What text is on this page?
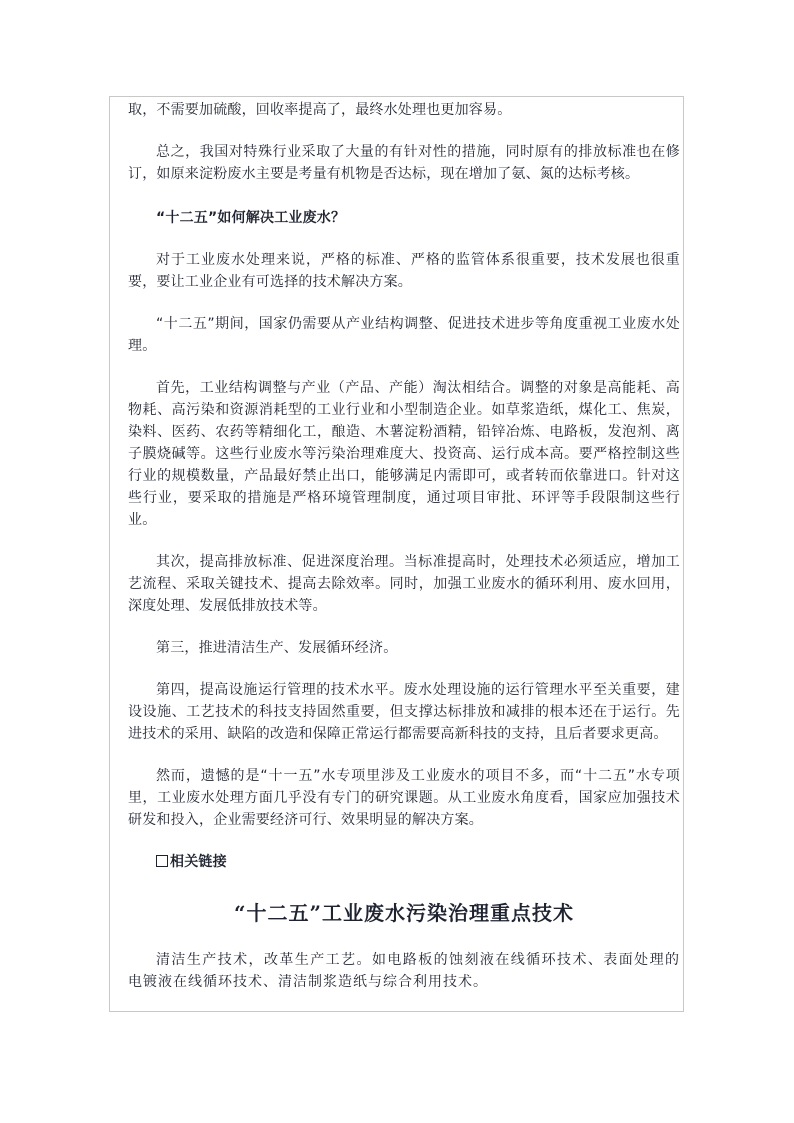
取，不需要加硫酸，回收率提高了，最终水处理也更加容易。

总之，我国对特殊行业采取了大量的有针对性的措施，同时原有的排放标准也在修订，如原来淀粉废水主要是考量有机物是否达标，现在增加了氨、氮的达标考核。

“十二五”如何解决工业废水？

对于工业废水处理来说，严格的标准、严格的监管体系很重要，技术发展也很重要，要让工业企业有可选择的技术解决方案。

“十二五”期间，国家仍需要从产业结构调整、促进技术进步等角度重视工业废水处理。

首先，工业结构调整与产业（产品、产能）淘汰相结合。调整的对象是高能耗、高物耗、高污染和资源消耗型的工业行业和小型制造企业。如草浆造纸，煤化工、焦炭，染料、医药、农药等精细化工，酿造、木薯淀粉酒精，铅锌冶炼、电路板，发泡剂、离子膜烧碱等。这些行业废水等污染治理难度大、投资高、运行成本高。要严格控制这些行业的规模数量，产品最好禁止出口，能够满足内需即可，或者转而依靠进口。针对这些行业，要采取的措施是严格环境管理制度，通过项目审批、环评等手段限制这些行业。

其次，提高排放标准、促进深度治理。当标准提高时，处理技术必须适应，增加工艺流程、采取关键技术、提高去除效率。同时，加强工业废水的循环利用、废水回用，深度处理、发展低排放技术等。

第三，推进清洁生产、发展循环经济。

第四，提高设施运行管理的技术水平。废水处理设施的运行管理水平至关重要，建设设施、工艺技术的科技支持固然重要，但支撑达标排放和减排的根本还在于运行。先进技术的采用、缺陷的改造和保障正常运行都需要高新科技的支持，且后者要求更高。

然而，遗憾的是“十一五”水专项里涉及工业废水的项目不多，而“十二五”水专项里，工业废水处理方面几乎没有专门的研究课题。从工业废水角度看，国家应加强技术研发和投入，企业需要经济可行、效果明显的解决方案。

相关链接

“十二五”工业废水污染治理重点技术

清洁生产技术，改革生产工艺。如电路板的蚀刻液在线循环技术、表面处理的电镀液在线循环技术、清洁制浆造纸与综合利用技术。
